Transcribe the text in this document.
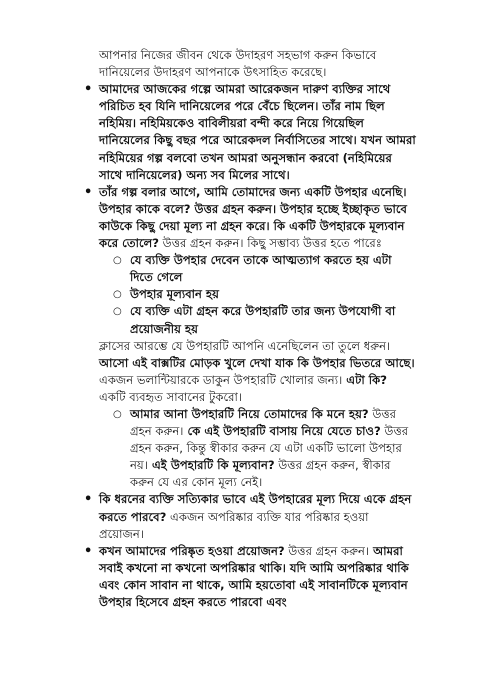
আপনার নিজের জীবন থেকে উদাহরণ সহভাগ করুন কিভাবে দানিয়েলের উদাহরণ আপনাকে উৎসাহিত করেছে।

• আমাদের আজকের গল্পে আমরা আরেকজন দারুণ ব্যক্তির সাথে পরিচিত হব যিনি দানিয়েলের পরে বেঁচে ছিলেন। তাঁর নাম ছিল নহিমিয়। নহিমিয়কেও বাবিলীয়রা বন্দী করে নিয়ে গিয়েছিল দানিয়েলের কিছু বছর পরে আরেকদল নির্বাসিতের সাথে। যখন আমরা নহিমিয়ের গল্প বলবো তখন আমরা অনুসন্ধান করবো (নহিমিয়ের সাথে দানিয়েলের) অন্য সব মিলের সাথে।
• তাঁর গল্প বলার আগে, আমি তোমাদের জন্য একটি উপহার এনেছি। উপহার কাকে বলে? উত্তর গ্রহন করুন। উপহার হচ্ছে ইচ্ছাকৃত ভাবে কাউকে কিছু দেয়া মূল্য না গ্রহন করে। কি একটি উপহারকে মূল্যবান করে তোলে? উত্তর গ্রহন করুন। কিছু সম্ভাব্য উত্তর হতে পারেঃ
○ যে ব্যক্তি উপহার দেবেন তাকে আত্মত্যাগ করতে হয় এটা দিতে গেলে
○ উপহার মূল্যবান হয়
○ যে ব্যক্তি এটা গ্রহন করে উপহারটি তার জন্য উপযোগী বা প্রয়োজনীয় হয়

ক্লাসের আরম্ভে যে উপহারটি আপনি এনেছিলেন তা তুলে ধরুন। আসো এই বাক্সটির মোড়ক খুলে দেখা যাক কি উপহার ভিতরে আছে। একজন ভলান্টিয়ারকে ডাকুন উপহারটি খোলার জন্য। এটা কি? একটি ব্যবহৃত সাবানের টুকরো।

○ আমার আনা উপহারটি নিয়ে তোমাদের কি মনে হয়? উত্তর গ্রহন করুন। কে এই উপহারটি বাসায় নিয়ে যেতে চাও? উত্তর গ্রহন করুন, কিন্তু স্বীকার করুন যে এটা একটি ভালো উপহার নয়। এই উপহারটি কি মূল্যবান? উত্তর গ্রহন করুন, স্বীকার করুন যে এর কোন মূল্য নেই।
• কি ধরনের ব্যক্তি সত্যিকার ভাবে এই উপহারের মূল্য দিয়ে একে গ্রহন করতে পারবে? একজন অপরিষ্কার ব্যক্তি যার পরিষ্কার হওয়া প্রয়োজন।
• কখন আমাদের পরিষ্কৃত হওয়া প্রয়োজন? উত্তর গ্রহন করুন। আমরা সবাই কখনো না কখনো অপরিষ্কার থাকি। যদি আমি অপরিষ্কার থাকি এবং কোন সাবান না থাকে, আমি হয়তোবা এই সাবানটিকে মূল্যবান উপহার হিসেবে গ্রহন করতে পারবো এবং
